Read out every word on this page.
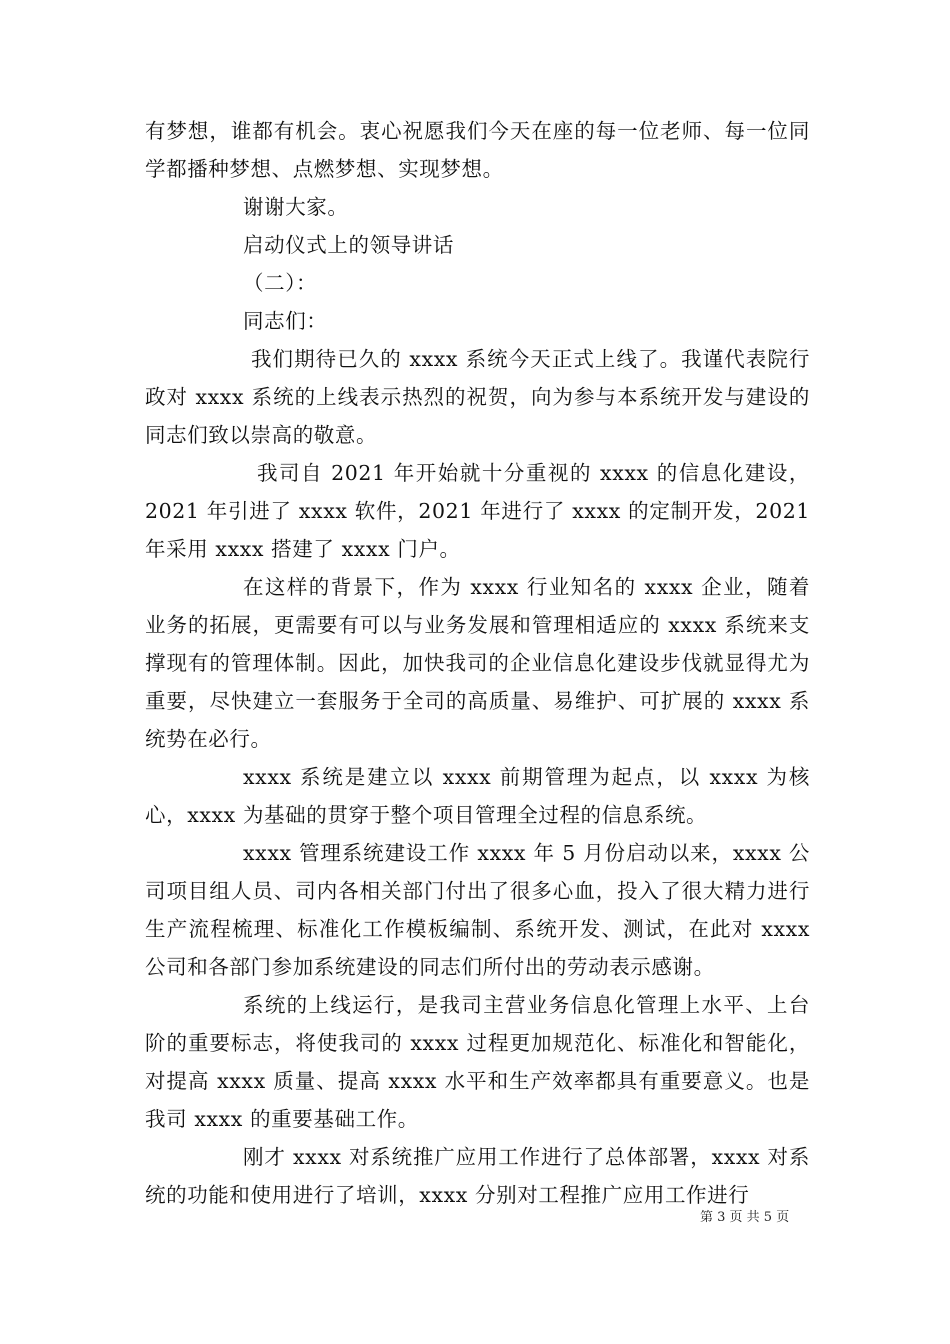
有梦想，谁都有机会。衷心祝愿我们今天在座的每一位老师、每一位同学都播种梦想、点燃梦想、实现梦想。

谢谢大家。

启动仪式上的领导讲话

（二）：

同志们：

我们期待已久的 xxxx 系统今天正式上线了。我谨代表院行政对 xxxx 系统的上线表示热烈的祝贺，向为参与本系统开发与建设的同志们致以崇高的敬意。

我司自 2021 年开始就十分重视的 xxxx 的信息化建设，2021 年引进了 xxxx 软件，2021 年进行了 xxxx 的定制开发，2021 年采用 xxxx 搭建了 xxxx 门户。

在这样的背景下，作为 xxxx 行业知名的 xxxx 企业，随着业务的拓展，更需要有可以与业务发展和管理相适应的 xxxx 系统来支撑现有的管理体制。因此，加快我司的企业信息化建设步伐就显得尤为重要，尽快建立一套服务于全司的高质量、易维护、可扩展的 xxxx 系统势在必行。

xxxx 系统是建立以 xxxx 前期管理为起点，以 xxxx 为核心，xxxx 为基础的贯穿于整个项目管理全过程的信息系统。

xxxx 管理系统建设工作 xxxx 年 5 月份启动以来，xxxx 公司项目组人员、司内各相关部门付出了很多心血，投入了很大精力进行生产流程梳理、标准化工作模板编制、系统开发、测试，在此对 xxxx 公司和各部门参加系统建设的同志们所付出的劳动表示感谢。

系统的上线运行，是我司主营业务信息化管理上水平、上台阶的重要标志，将使我司的 xxxx 过程更加规范化、标准化和智能化，对提高 xxxx 质量、提高 xxxx 水平和生产效率都具有重要意义。也是我司 xxxx 的重要基础工作。

刚才 xxxx 对系统推广应用工作进行了总体部署，xxxx 对系统的功能和使用进行了培训，xxxx 分别对工程推广应用工作进行

第 3 页 共 5 页
